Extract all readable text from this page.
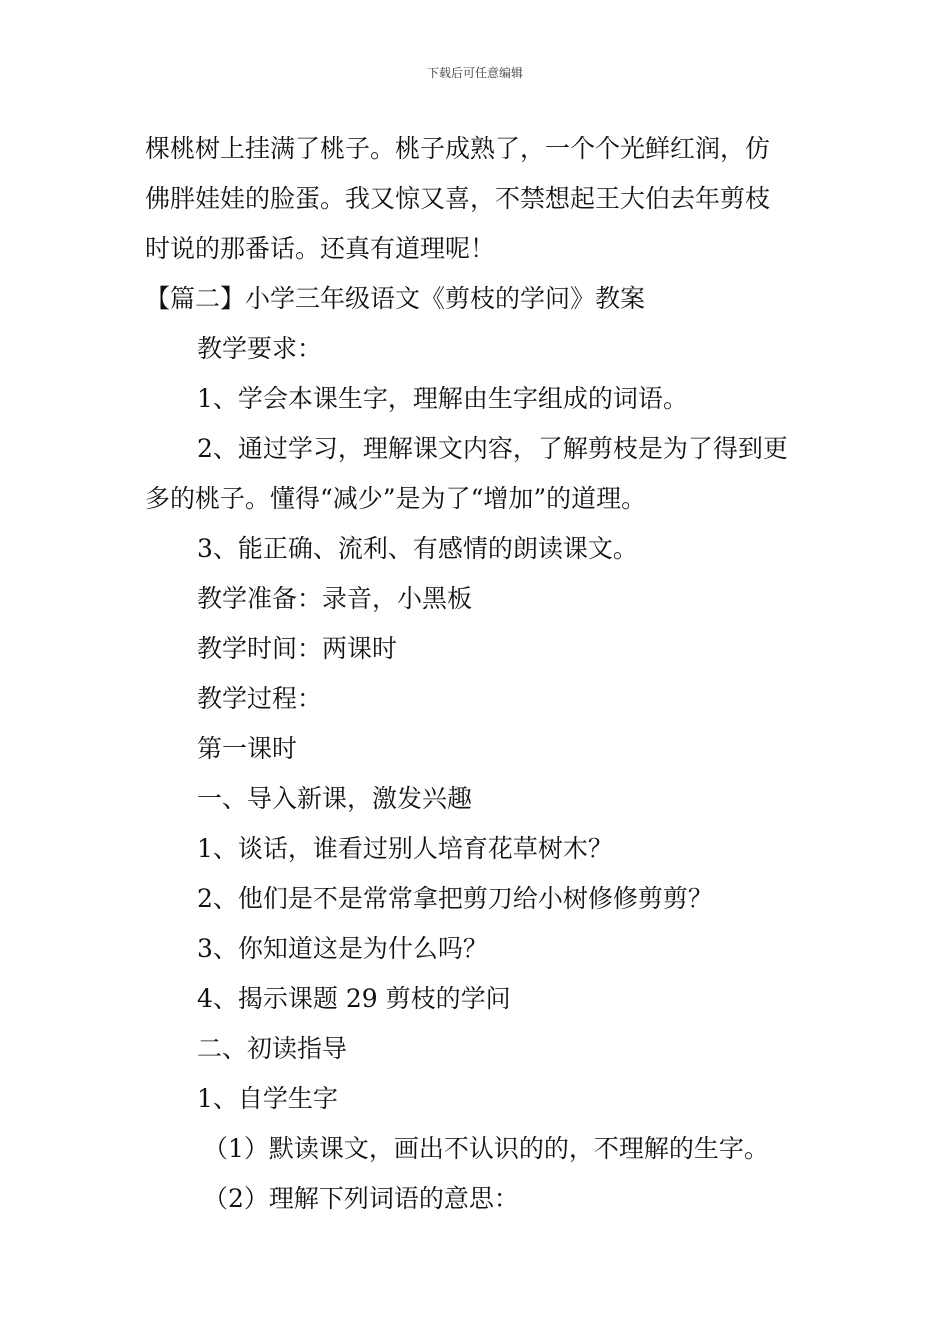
下载后可任意编辑
棵桃树上挂满了桃子。桃子成熟了，一个个光鲜红润，仿
佛胖娃娃的脸蛋。我又惊又喜，不禁想起王大伯去年剪枝
时说的那番话。还真有道理呢！
【篇二】小学三年级语文《剪枝的学问》教案
教学要求：
1、学会本课生字，理解由生字组成的词语。
2、通过学习，理解课文内容，了解剪枝是为了得到更
多的桃子。懂得“减少”是为了“增加”的道理。
3、能正确、流利、有感情的朗读课文。
教学准备：录音，小黑板
教学时间：两课时
教学过程：
第一课时
一、导入新课，激发兴趣
1、谈话，谁看过别人培育花草树木？
2、他们是不是常常拿把剪刀给小树修修剪剪？
3、你知道这是为什么吗？
4、揭示课题 29 剪枝的学问
二、初读指导
1、自学生字
（1）默读课文，画出不认识的的，不理解的生字。
（2）理解下列词语的意思：
